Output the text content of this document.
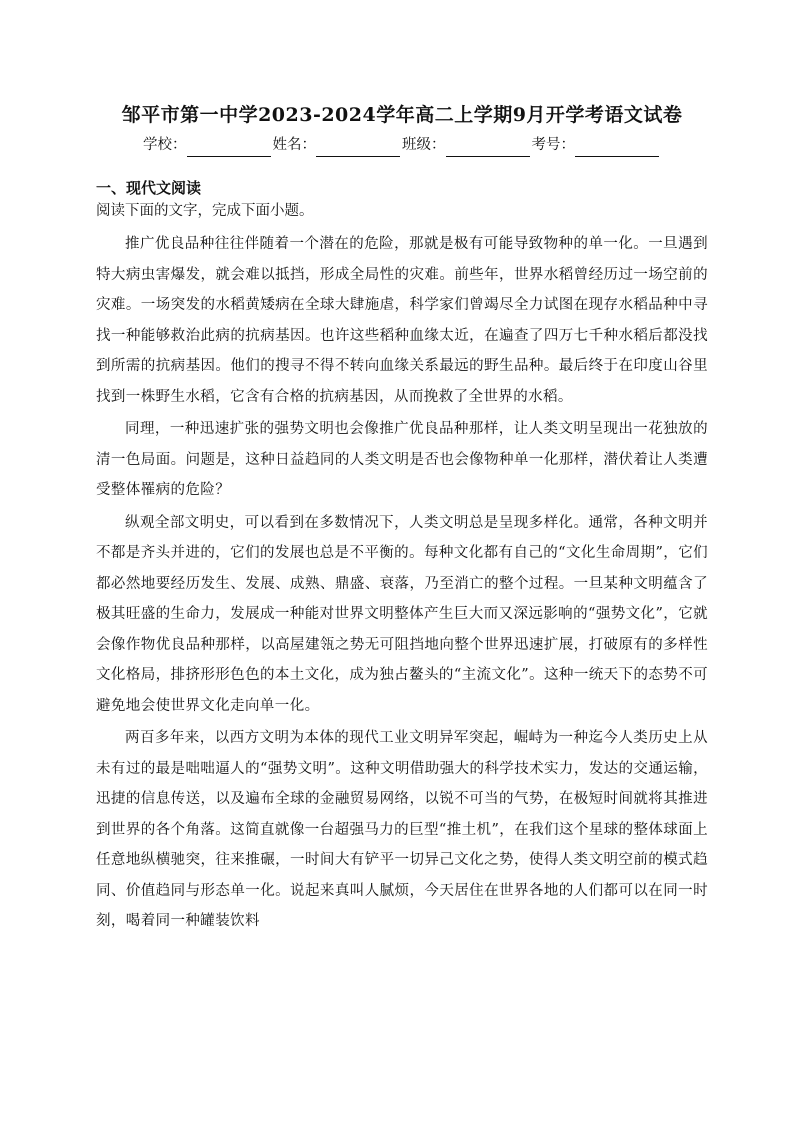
邹平市第一中学2023-2024学年高二上学期9月开学考语文试卷
学校：	姓名：	班级：	考号：
一、现代文阅读

阅读下面的文字，完成下面小题。

推广优良品种往往伴随着一个潜在的危险，那就是极有可能导致物种的单一化。一旦遇到特大病虫害爆发，就会难以抵挡，形成全局性的灾难。前些年，世界水稻曾经历过一场空前的灾难。一场突发的水稻黄矮病在全球大肆施虐，科学家们曾竭尽全力试图在现存水稻品种中寻找一种能够救治此病的抗病基因。也许这些稻种血缘太近，在遍查了四万七千种水稻后都没找到所需的抗病基因。他们的搜寻不得不转向血缘关系最远的野生品种。最后终于在印度山谷里找到一株野生水稻，它含有合格的抗病基因，从而挽救了全世界的水稻。

同理，一种迅速扩张的强势文明也会像推广优良品种那样，让人类文明呈现出一花独放的清一色局面。问题是，这种日益趋同的人类文明是否也会像物种单一化那样，潜伏着让人类遭受整体罹病的危险？

纵观全部文明史，可以看到在多数情况下，人类文明总是呈现多样化。通常，各种文明并不都是齐头并进的，它们的发展也总是不平衡的。每种文化都有自己的“文化生命周期”，它们都必然地要经历发生、发展、成熟、鼎盛、衰落，乃至消亡的整个过程。一旦某种文明蕴含了极其旺盛的生命力，发展成一种能对世界文明整体产生巨大而又深远影响的“强势文化”，它就会像作物优良品种那样，以高屋建瓴之势无可阻挡地向整个世界迅速扩展，打破原有的多样性文化格局，排挤形形色色的本土文化，成为独占鳌头的“主流文化”。这种一统天下的态势不可避免地会使世界文化走向单一化。

两百多年来，以西方文明为本体的现代工业文明异军突起，崛峙为一种迄今人类历史上从未有过的最是咄咄逼人的“强势文明”。这种文明借助强大的科学技术实力，发达的交通运输，迅捷的信息传送，以及遍布全球的金融贸易网络，以锐不可当的气势，在极短时间就将其推进到世界的各个角落。这简直就像一台超强马力的巨型“推土机”，在我们这个星球的整体球面上任意地纵横驰突，往来推碾，一时间大有铲平一切异己文化之势，使得人类文明空前的模式趋同、价值趋同与形态单一化。说起来真叫人腻烦，今天居住在世界各地的人们都可以在同一时刻，喝着同一种罐装饮料
